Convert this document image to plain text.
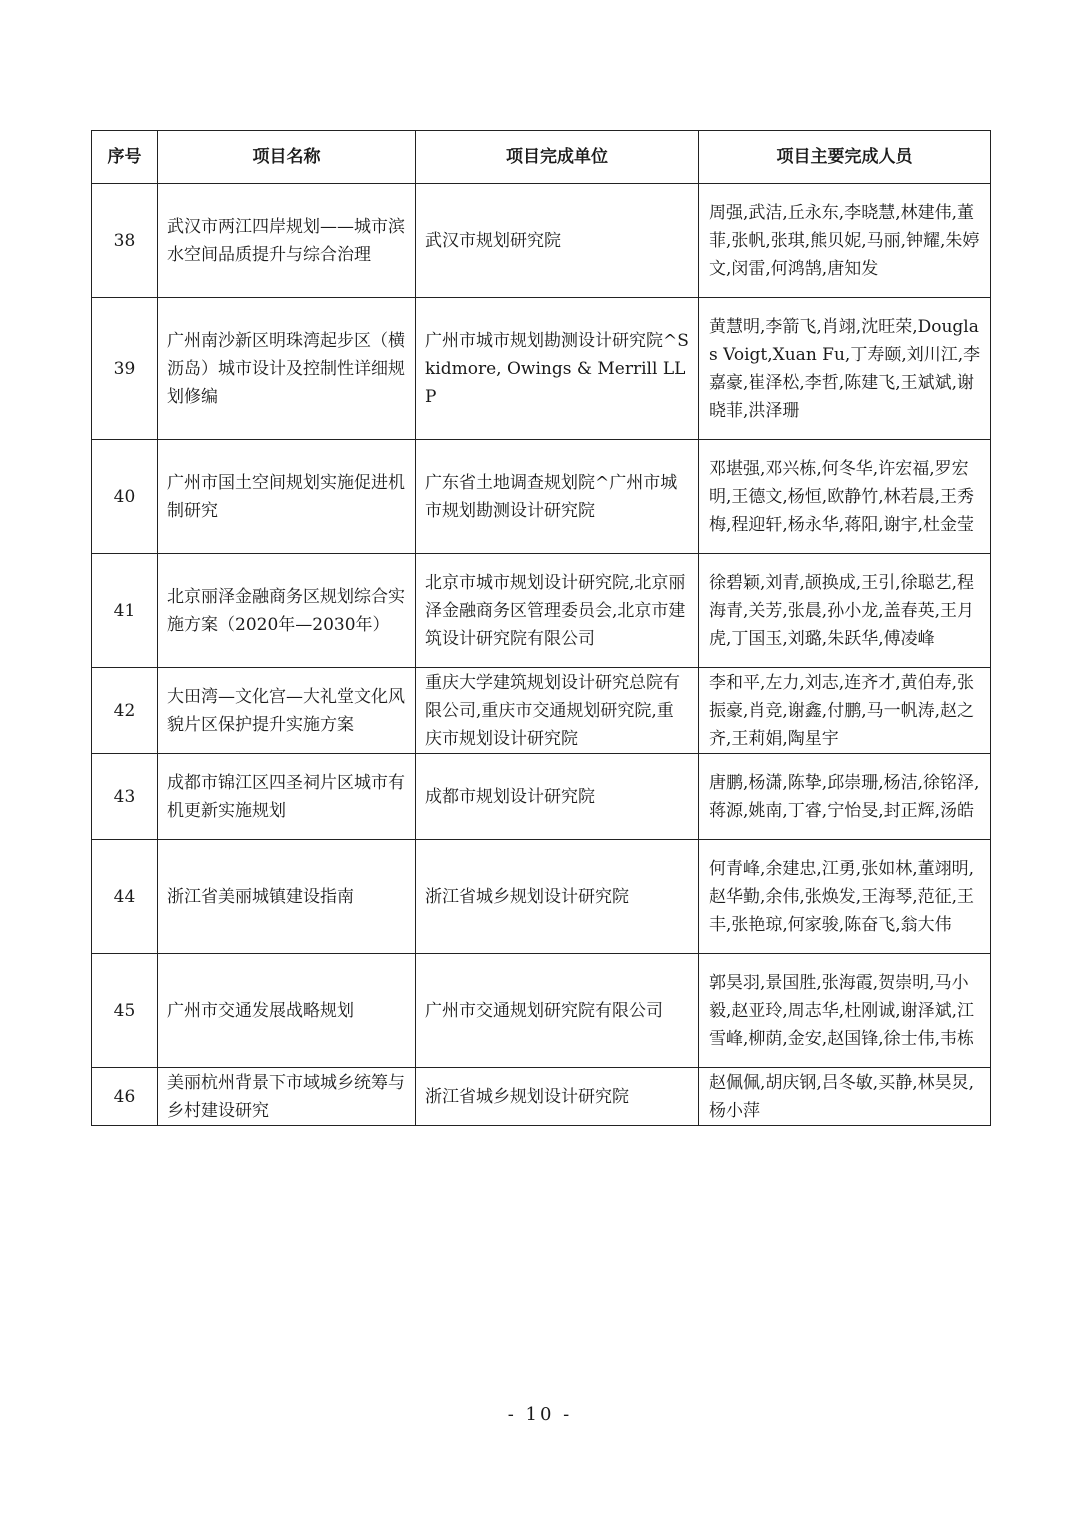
序号	项目名称	项目完成单位	项目主要完成人员
38	武汉市两江四岸规划——城市滨水空间品质提升与综合治理	武汉市规划研究院	周强,武洁,丘永东,李晓慧,林建伟,董菲,张帆,张琪,熊贝妮,马丽,钟耀,朱婷文,闵雷,何鸿鹄,唐知发
39	广州南沙新区明珠湾起步区（横沥岛）城市设计及控制性详细规划修编	广州市城市规划勘测设计研究院^Skidmore, Owings & Merrill LLP	黄慧明,李箭飞,肖翊,沈旺荣,Douglas Voigt,Xuan Fu,丁寿颐,刘川江,李嘉豪,崔泽松,李哲,陈建飞,王斌斌,谢晓菲,洪泽珊
40	广州市国土空间规划实施促进机制研究	广东省土地调查规划院^广州市城市规划勘测设计研究院	邓堪强,邓兴栋,何冬华,许宏福,罗宏明,王德文,杨恒,欧静竹,林若晨,王秀梅,程迎轩,杨永华,蒋阳,谢宇,杜金莹
41	北京丽泽金融商务区规划综合实施方案（2020年—2030年）	北京市城市规划设计研究院,北京丽泽金融商务区管理委员会,北京市建筑设计研究院有限公司	徐碧颖,刘青,颉换成,王引,徐聪艺,程海青,关芳,张晨,孙小龙,盖春英,王月虎,丁国玉,刘璐,朱跃华,傅凌峰
42	大田湾—文化宫—大礼堂文化风貌片区保护提升实施方案	重庆大学建筑规划设计研究总院有限公司,重庆市交通规划研究院,重庆市规划设计研究院	李和平,左力,刘志,连齐才,黄伯寿,张振豪,肖竞,谢鑫,付鹏,马一帆涛,赵之齐,王莉娟,陶星宇
43	成都市锦江区四圣祠片区城市有机更新实施规划	成都市规划设计研究院	唐鹏,杨潇,陈挚,邱崇珊,杨洁,徐铭泽,蒋源,姚南,丁睿,宁怡旻,封正辉,汤皓
44	浙江省美丽城镇建设指南	浙江省城乡规划设计研究院	何青峰,余建忠,江勇,张如林,董翊明,赵华勤,余伟,张焕发,王海琴,范征,王丰,张艳琼,何家骏,陈奋飞,翁大伟
45	广州市交通发展战略规划	广州市交通规划研究院有限公司	郭昊羽,景国胜,张海霞,贺崇明,马小毅,赵亚玲,周志华,杜刚诚,谢泽斌,江雪峰,柳荫,金安,赵国锋,徐士伟,韦栋
46	美丽杭州背景下市域城乡统筹与乡村建设研究	浙江省城乡规划设计研究院	赵佩佩,胡庆钢,吕冬敏,买静,林昊炅,杨小萍
- 10 -
